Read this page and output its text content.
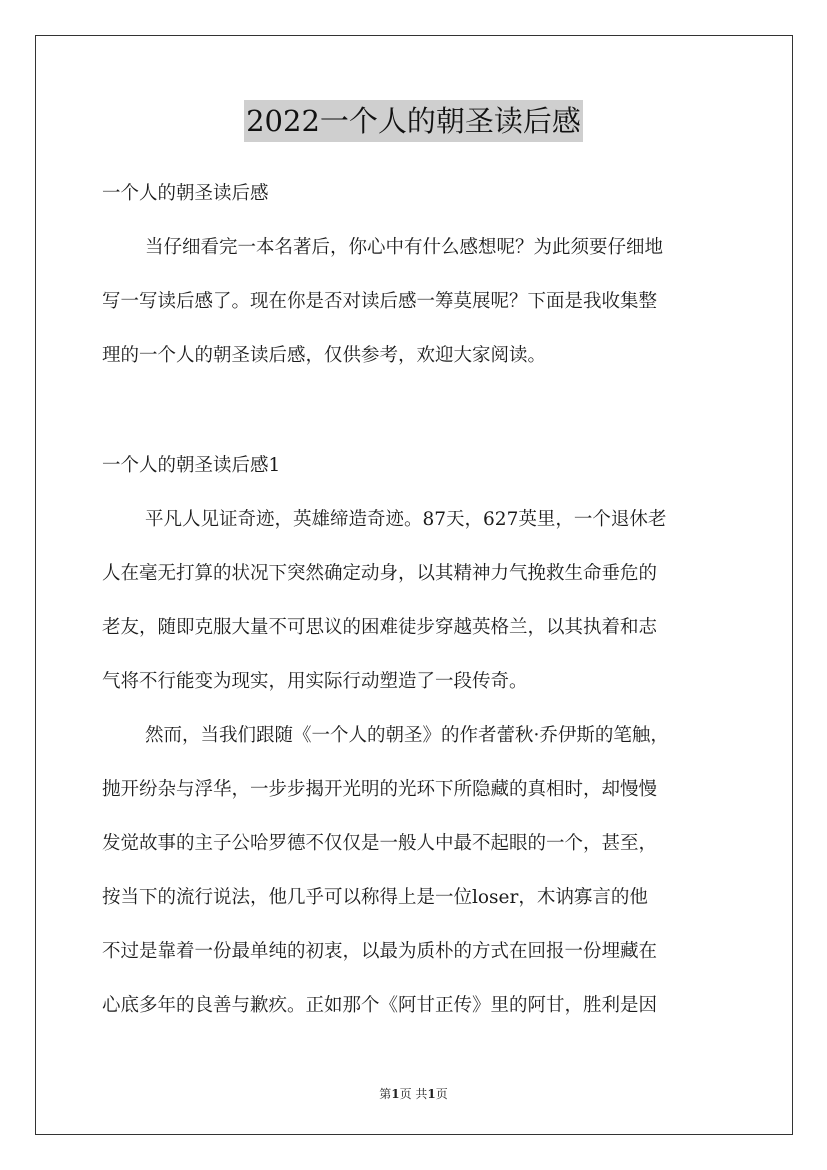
2022一个人的朝圣读后感
一个人的朝圣读后感
当仔细看完一本名著后，你心中有什么感想呢？为此须要仔细地
写一写读后感了。现在你是否对读后感一筹莫展呢？下面是我收集整
理的一个人的朝圣读后感，仅供参考，欢迎大家阅读。
一个人的朝圣读后感1
平凡人见证奇迹，英雄缔造奇迹。87天，627英里，一个退休老
人在毫无打算的状况下突然确定动身，以其精神力气挽救生命垂危的
老友，随即克服大量不可思议的困难徒步穿越英格兰，以其执着和志
气将不行能变为现实，用实际行动塑造了一段传奇。
然而，当我们跟随《一个人的朝圣》的作者蕾秋·乔伊斯的笔触，
抛开纷杂与浮华，一步步揭开光明的光环下所隐藏的真相时，却慢慢
发觉故事的主子公哈罗德不仅仅是一般人中最不起眼的一个，甚至，
按当下的流行说法，他几乎可以称得上是一位loser，木讷寡言的他
不过是靠着一份最单纯的初衷，以最为质朴的方式在回报一份埋藏在
心底多年的良善与歉疚。正如那个《阿甘正传》里的阿甘，胜利是因
第1页 共1页
